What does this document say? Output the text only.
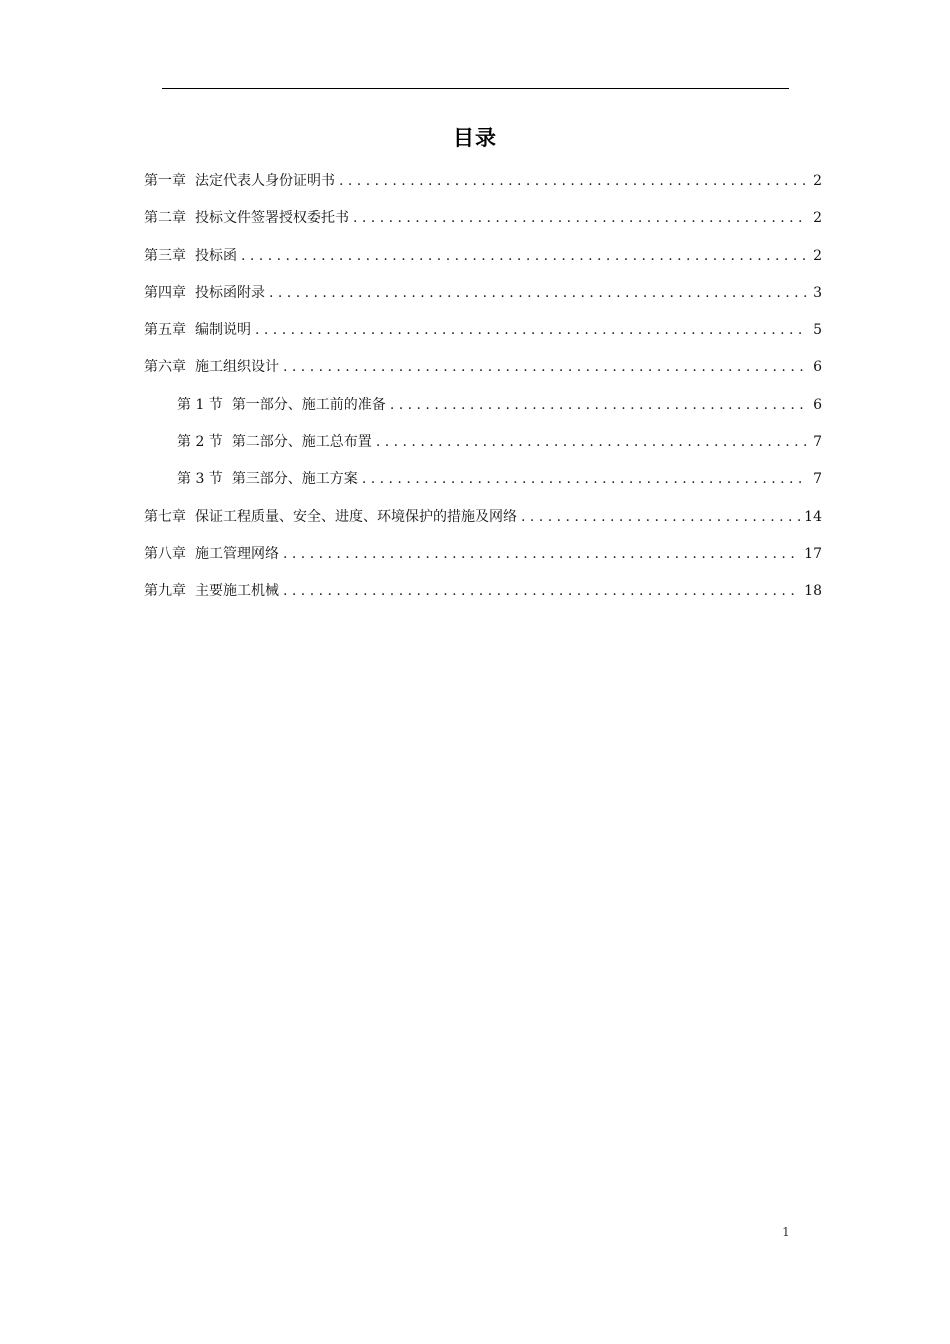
目录
第一章 法定代表人身份证明书 . . .	2
第二章 投标文件签署授权委托书 . . .	2
第三章 投标函 . . .	2
第四章 投标函附录 . . .	3
第五章 编制说明 . . .	5
第六章 施工组织设计 . . .	6
第 1 节 第一部分、施工前的准备 . . .	6
第 2 节 第二部分、施工总布置 . . .	7
第 3 节 第三部分、施工方案 . . .	7
第七章 保证工程质量、安全、进度、环境保护的措施及网络 . . .	14
第八章 施工管理网络 . . .	17
第九章 主要施工机械 . . .	18
1
